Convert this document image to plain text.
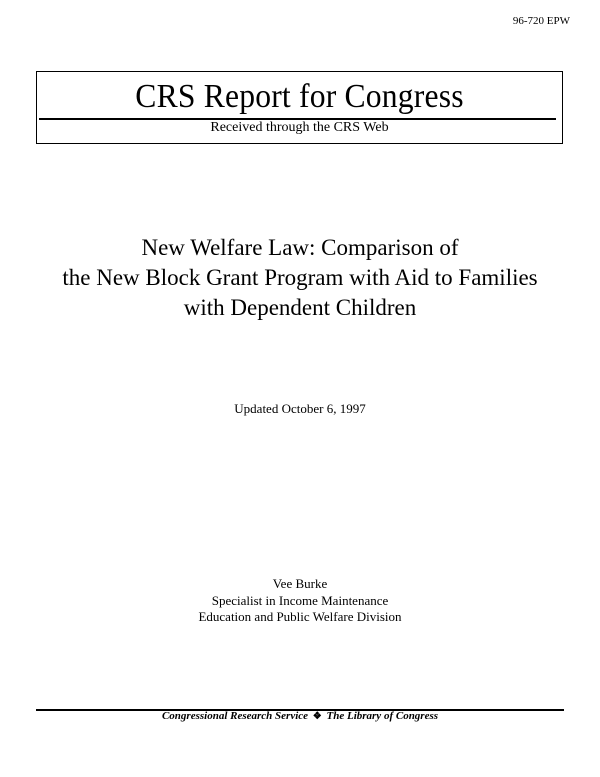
96-720 EPW
CRS Report for Congress
Received through the CRS Web
New Welfare Law: Comparison of
the New Block Grant Program with Aid to Families
with Dependent Children
Updated October 6, 1997
Vee Burke
Specialist in Income Maintenance
Education and Public Welfare Division
Congressional Research Service ❖ The Library of Congress
